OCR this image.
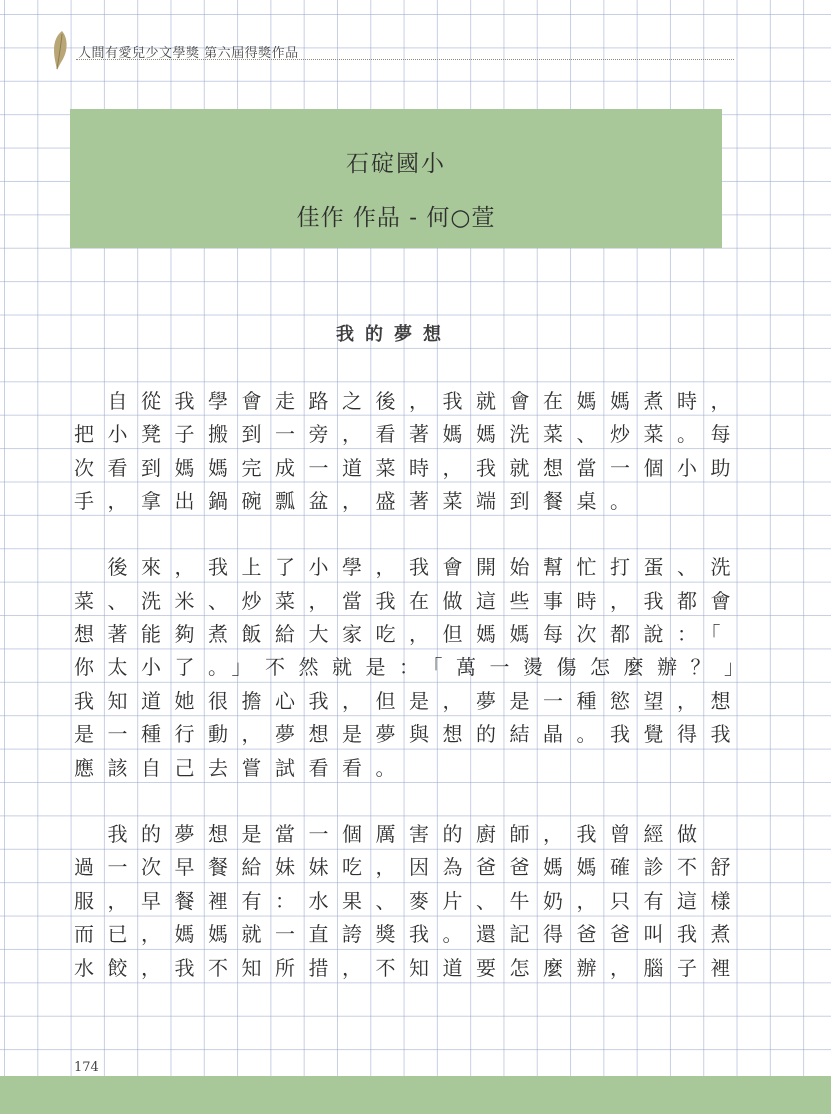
人間有愛兒少文學獎 第六屆得獎作品
石碇國小
佳作 作品 - 何○萱
我的夢想
　自從我學會走路之後，我就會在媽媽煮時，
把小凳子搬到一旁，看著媽媽洗菜、炒菜。每
次看到媽媽完成一道菜時，我就想當一個小助
手，拿出鍋碗瓢盆，盛著菜端到餐桌。
　後來，我上了小學，我會開始幫忙打蛋、洗
菜、洗米、炒菜，當我在做這些事時，我都會
想著能夠煮飯給大家吃，但媽媽每次都說：「
你太小了。」不然就是：「萬一燙傷怎麼辦？」
我知道她很擔心我，但是，夢是一種慾望，想
是一種行動，夢想是夢與想的結晶。我覺得我
應該自己去嘗試看看。
　我的夢想是當一個厲害的廚師，我曾經做
過一次早餐給妹妹吃，因為爸爸媽媽確診不舒
服，早餐裡有：水果、麥片、牛奶，只有這樣
而已，媽媽就一直誇獎我。還記得爸爸叫我煮
水餃，我不知所措，不知道要怎麼辦，腦子裡
174
